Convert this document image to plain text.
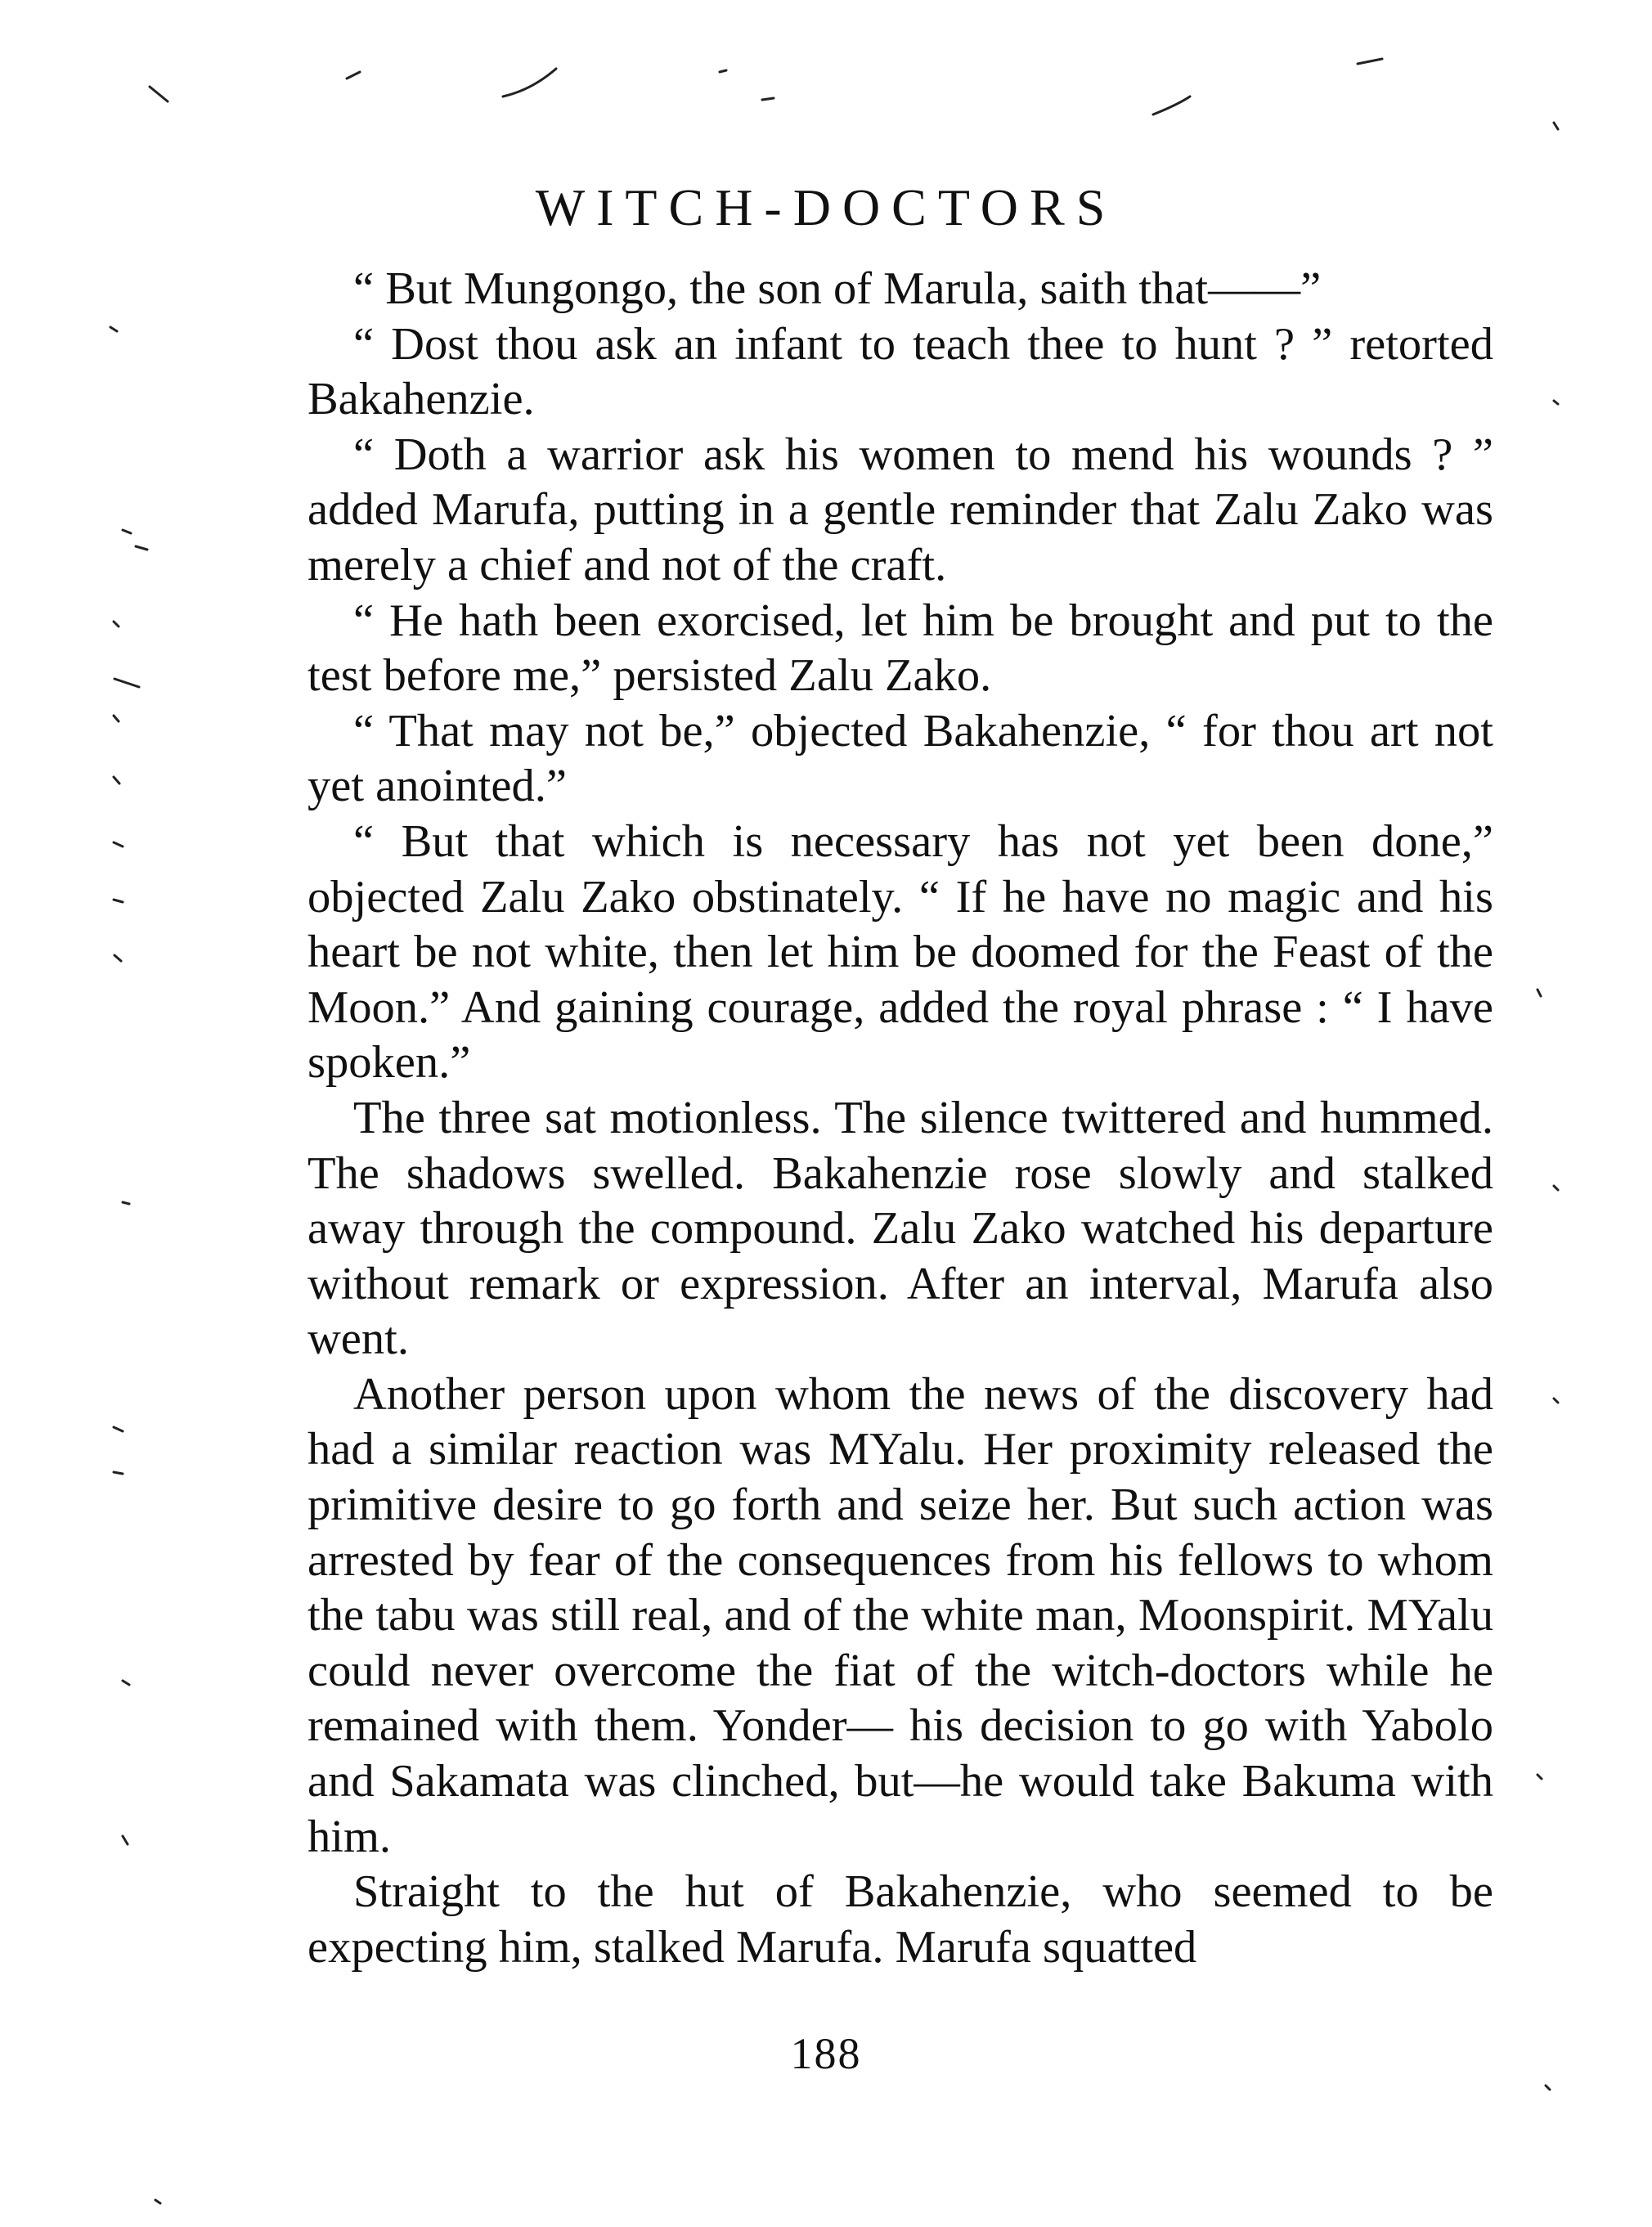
WITCH-DOCTORS

“ But Mungongo, the son of Marula, saith that——”

“ Dost thou ask an infant to teach thee to hunt ? ” retorted Bakahenzie.

“ Doth a warrior ask his women to mend his wounds ? ” added Marufa, putting in a gentle reminder that Zalu Zako was merely a chief and not of the craft.

“ He hath been exorcised, let him be brought and put to the test before me,” persisted Zalu Zako.

“ That may not be,” objected Bakahenzie, “ for thou art not yet anointed.”

“ But that which is necessary has not yet been done,” objected Zalu Zako obstinately. “ If he have no magic and his heart be not white, then let him be doomed for the Feast of the Moon.” And gaining courage, added the royal phrase : “ I have spoken.”

The three sat motionless. The silence twittered and hummed. The shadows swelled. Bakahenzie rose slowly and stalked away through the compound. Zalu Zako watched his departure without remark or expression. After an interval, Marufa also went.

Another person upon whom the news of the discovery had had a similar reaction was MYalu. Her proximity released the primitive desire to go forth and seize her. But such action was arrested by fear of the consequences from his fellows to whom the tabu was still real, and of the white man, Moonspirit. MYalu could never overcome the fiat of the witch-doctors while he remained with them. Yonder— his decision to go with Yabolo and Sakamata was clinched, but—he would take Bakuma with him.

Straight to the hut of Bakahenzie, who seemed to be expecting him, stalked Marufa. Marufa squatted

188
